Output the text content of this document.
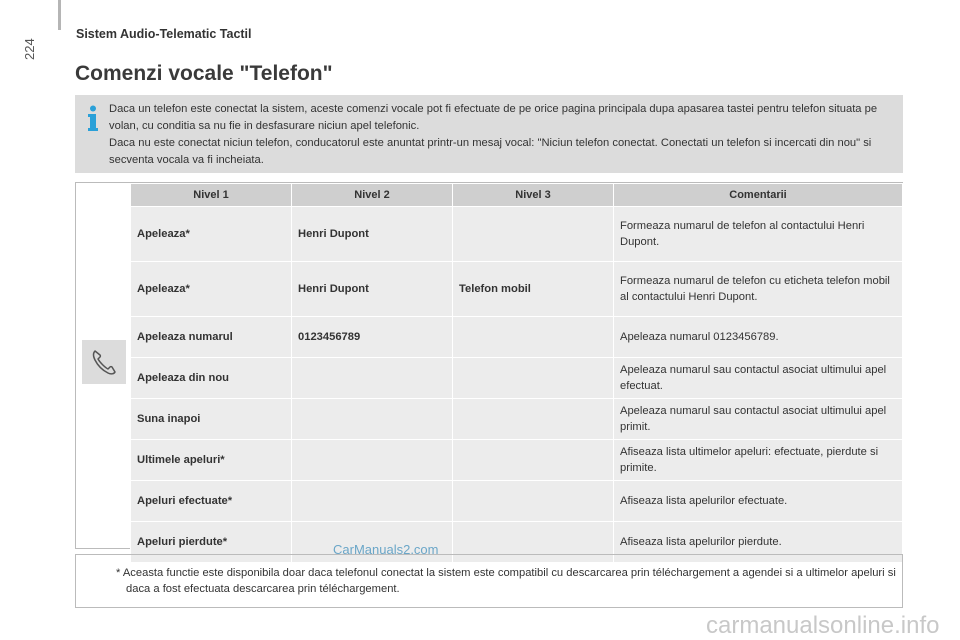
224
Sistem Audio-Telematic Tactil
Comenzi vocale "Telefon"

Daca un telefon este conectat la sistem, aceste comenzi vocale pot fi efectuate de pe orice pagina principala dupa apasarea tastei pentru telefon situata pe volan, cu conditia sa nu fie in desfasurare niciun apel telefonic.

Daca nu este conectat niciun telefon, conducatorul este anuntat printr-un mesaj vocal: "Niciun telefon conectat. Conectati un telefon si incercati din nou" si secventa vocala va fi incheiata.

Nivel 1	Nivel 2	Nivel 3	Comentarii
Apeleaza*	Henri Dupont		Formeaza numarul de telefon al contactului Henri Dupont.
Apeleaza*	Henri Dupont	Telefon mobil	Formeaza numarul de telefon cu eticheta telefon mobil al contactului Henri Dupont.
Apeleaza numarul	0123456789		Apeleaza numarul 0123456789.
Apeleaza din nou			Apeleaza numarul sau contactul asociat ultimului apel efectuat.
Suna inapoi			Apeleaza numarul sau contactul asociat ultimului apel primit.
Ultimele apeluri*			Afiseaza lista ultimelor apeluri: efectuate, pierdute si primite.
Apeluri efectuate*			Afiseaza lista apelurilor efectuate.
Apeluri pierdute*			Afiseaza lista apelurilor pierdute.
* Aceasta functie este disponibila doar daca telefonul conectat la sistem este compatibil cu descarcarea prin téléchargement a agendei si a ultimelor apeluri si daca a fost efectuata descarcarea prin téléchargement.
CarManuals2.com
carmanualsonline.info
